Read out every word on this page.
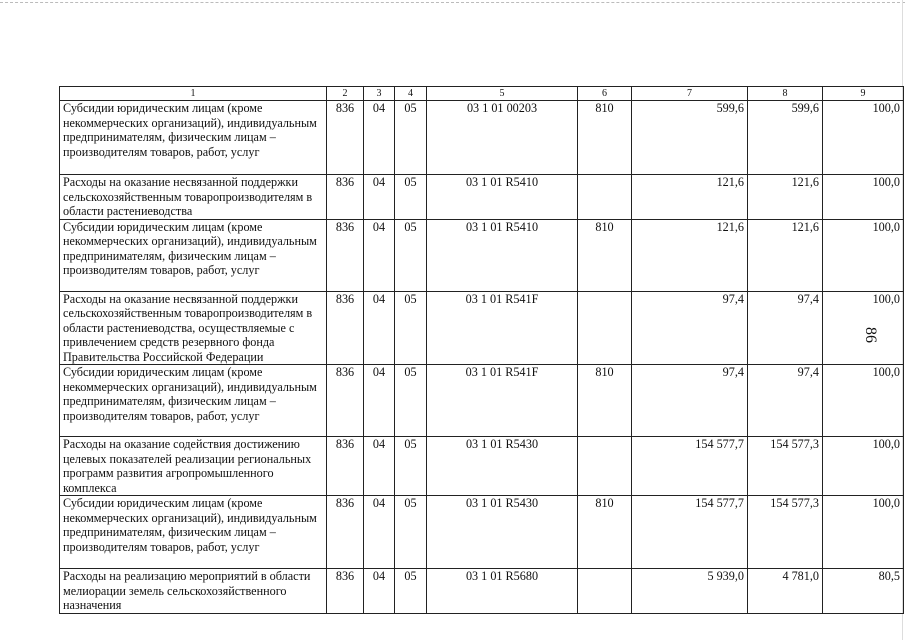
1	2	3	4	5	6	7	8	9
Субсидии юридическим лицам (кроме некоммерческих организаций), индивидуальным предпринимателям, физическим лицам – производителям товаров, работ, услуг	836	04	05	03 1 01 00203	810	599,6	599,6	100,0
Расходы на оказание несвязанной поддержки сельскохозяйственным товаропроизводителям в области растениеводства	836	04	05	03 1 01 R5410		121,6	121,6	100,0
Субсидии юридическим лицам (кроме некоммерческих организаций), индивидуальным предпринимателям, физическим лицам – производителям товаров, работ, услуг	836	04	05	03 1 01 R5410	810	121,6	121,6	100,0
Расходы на оказание несвязанной поддержки сельскохозяйственным товаропроизводителям в области растениеводства, осуществляемые с привлечением средств резервного фонда Правительства Российской Федерации	836	04	05	03 1 01 R541F		97,4	97,4	100,0
Субсидии юридическим лицам (кроме некоммерческих организаций), индивидуальным предпринимателям, физическим лицам – производителям товаров, работ, услуг	836	04	05	03 1 01 R541F	810	97,4	97,4	100,0
Расходы на оказание содействия достижению целевых показателей реализации региональных программ развития агропромышленного комплекса	836	04	05	03 1 01 R5430		154 577,7	154 577,3	100,0
Субсидии юридическим лицам (кроме некоммерческих организаций), индивидуальным предпринимателям, физическим лицам – производителям товаров, работ, услуг	836	04	05	03 1 01 R5430	810	154 577,7	154 577,3	100,0
Расходы на реализацию мероприятий в области мелиорации земель сельскохозяйственного назначения	836	04	05	03 1 01 R5680		5 939,0	4 781,0	80,5
86
